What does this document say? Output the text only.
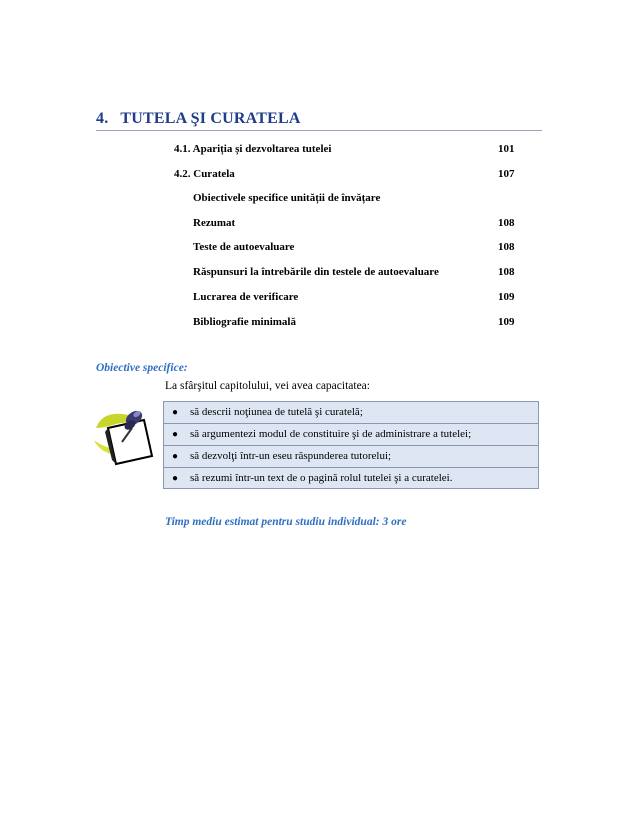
4. TUTELA ŞI CURATELA
4.1. Apariția și dezvoltarea tutelei	101
4.2. Curatela	107
Obiectivele specifice unității de învățare
Rezumat	108
Teste de autoevaluare	108
Răspunsuri la întrebările din testele de autoevaluare	108
Lucrarea de verificare	109
Bibliografie minimală	109
Obiective specifice:
La sfârşitul capitolului, vei avea capacitatea:
● să descrii noţiunea de tutelă şi curatelă;
● să argumentezi modul de constituire şi de administrare a tutelei;
● să dezvolţi într-un eseu răspunderea tutorelui;
● să rezumi într-un text de o pagină rolul tutelei şi a curatelei.
Timp mediu estimat pentru studiu individual: 3 ore
